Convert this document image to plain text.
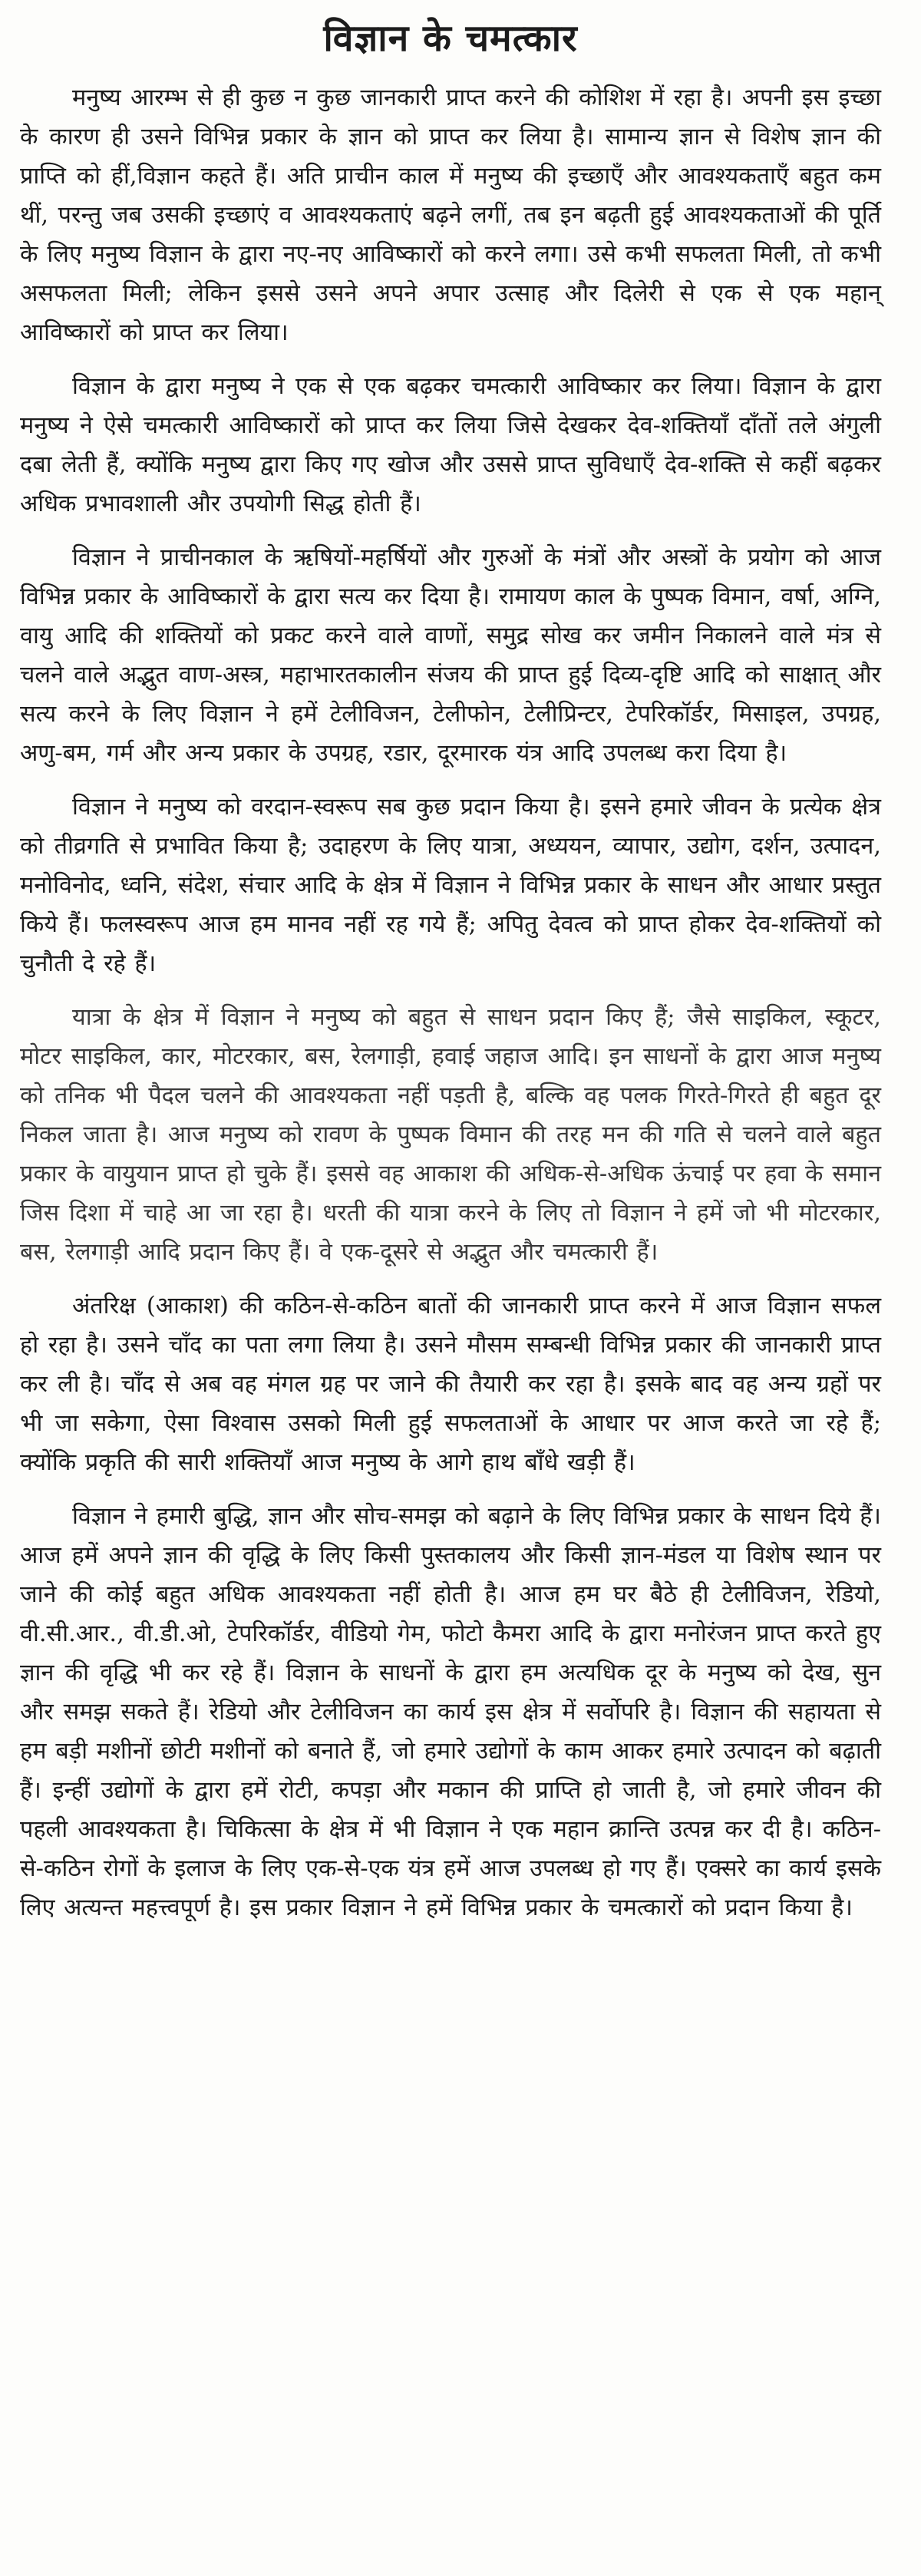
विज्ञान के चमत्कार

मनुष्य आरम्भ से ही कुछ न कुछ जानकारी प्राप्त करने की कोशिश में रहा है। अपनी इस इच्छा के कारण ही उसने विभिन्न प्रकार के ज्ञान को प्राप्त कर लिया है। सामान्य ज्ञान से विशेष ज्ञान की प्राप्ति को हीं,विज्ञान कहते हैं। अति प्राचीन काल में मनुष्य की इच्छाएँ और आवश्यकताएँ बहुत कम थीं, परन्तु जब उसकी इच्छाएं व आवश्यकताएं बढ़ने लगीं, तब इन बढ़ती हुई आवश्यकताओं की पूर्ति के लिए मनुष्य विज्ञान के द्वारा नए-नए आविष्कारों को करने लगा। उसे कभी सफलता मिली, तो कभी असफलता मिली; लेकिन इससे उसने अपने अपार उत्साह और दिलेरी से एक से एक महान् आविष्कारों को प्राप्त कर लिया।

विज्ञान के द्वारा मनुष्य ने एक से एक बढ़कर चमत्कारी आविष्कार कर लिया। विज्ञान के द्वारा मनुष्य ने ऐसे चमत्कारी आविष्कारों को प्राप्त कर लिया जिसे देखकर देव-शक्तियाँ दाँतों तले अंगुली दबा लेती हैं, क्योंकि मनुष्य द्वारा किए गए खोज और उससे प्राप्त सुविधाएँ देव-शक्ति से कहीं बढ़कर अधिक प्रभावशाली और उपयोगी सिद्ध होती हैं।

विज्ञान ने प्राचीनकाल के ऋषियों-महर्षियों और गुरुओं के मंत्रों और अस्त्रों के प्रयोग को आज विभिन्न प्रकार के आविष्कारों के द्वारा सत्य कर दिया है। रामायण काल के पुष्पक विमान, वर्षा, अग्नि, वायु आदि की शक्तियों को प्रकट करने वाले वाणों, समुद्र सोख कर जमीन निकालने वाले मंत्र से चलने वाले अद्भुत वाण-अस्त्र, महाभारतकालीन संजय की प्राप्त हुई दिव्य-दृष्टि आदि को साक्षात् और सत्य करने के लिए विज्ञान ने हमें टेलीविजन, टेलीफोन, टेलीप्रिन्टर, टेपरिकॉर्डर, मिसाइल, उपग्रह, अणु-बम, गर्म और अन्य प्रकार के उपग्रह, रडार, दूरमारक यंत्र आदि उपलब्ध करा दिया है।

विज्ञान ने मनुष्य को वरदान-स्वरूप सब कुछ प्रदान किया है। इसने हमारे जीवन के प्रत्येक क्षेत्र को तीव्रगति से प्रभावित किया है; उदाहरण के लिए यात्रा, अध्ययन, व्यापार, उद्योग, दर्शन, उत्पादन, मनोविनोद, ध्वनि, संदेश, संचार आदि के क्षेत्र में विज्ञान ने विभिन्न प्रकार के साधन और आधार प्रस्तुत किये हैं। फलस्वरूप आज हम मानव नहीं रह गये हैं; अपितु देवत्व को प्राप्त होकर देव-शक्तियों को चुनौती दे रहे हैं।

यात्रा के क्षेत्र में विज्ञान ने मनुष्य को बहुत से साधन प्रदान किए हैं; जैसे साइकिल, स्कूटर, मोटर साइकिल, कार, मोटरकार, बस, रेलगाड़ी, हवाई जहाज आदि। इन साधनों के द्वारा आज मनुष्य को तनिक भी पैदल चलने की आवश्यकता नहीं पड़ती है, बल्कि वह पलक गिरते-गिरते ही बहुत दूर निकल जाता है। आज मनुष्य को रावण के पुष्पक विमान की तरह मन की गति से चलने वाले बहुत प्रकार के वायुयान प्राप्त हो चुके हैं। इससे वह आकाश की अधिक-से-अधिक ऊंचाई पर हवा के समान जिस दिशा में चाहे आ जा रहा है। धरती की यात्रा करने के लिए तो विज्ञान ने हमें जो भी मोटरकार, बस, रेलगाड़ी आदि प्रदान किए हैं। वे एक-दूसरे से अद्भुत और चमत्कारी हैं।

अंतरिक्ष (आकाश) की कठिन-से-कठिन बातों की जानकारी प्राप्त करने में आज विज्ञान सफल हो रहा है। उसने चाँद का पता लगा लिया है। उसने मौसम सम्बन्धी विभिन्न प्रकार की जानकारी प्राप्त कर ली है। चाँद से अब वह मंगल ग्रह पर जाने की तैयारी कर रहा है। इसके बाद वह अन्य ग्रहों पर भी जा सकेगा, ऐसा विश्वास उसको मिली हुई सफलताओं के आधार पर आज करते जा रहे हैं; क्योंकि प्रकृति की सारी शक्तियाँ आज मनुष्य के आगे हाथ बाँधे खड़ी हैं।

विज्ञान ने हमारी बुद्धि, ज्ञान और सोच-समझ को बढ़ाने के लिए विभिन्न प्रकार के साधन दिये हैं। आज हमें अपने ज्ञान की वृद्धि के लिए किसी पुस्तकालय और किसी ज्ञान-मंडल या विशेष स्थान पर जाने की कोई बहुत अधिक आवश्यकता नहीं होती है। आज हम घर बैठे ही टेलीविजन, रेडियो, वी.सी.आर., वी.डी.ओ, टेपरिकॉर्डर, वीडियो गेम, फोटो कैमरा आदि के द्वारा मनोरंजन प्राप्त करते हुए ज्ञान की वृद्धि भी कर रहे हैं। विज्ञान के साधनों के द्वारा हम अत्यधिक दूर के मनुष्य को देख, सुन और समझ सकते हैं। रेडियो और टेलीविजन का कार्य इस क्षेत्र में सर्वोपरि है। विज्ञान की सहायता से हम बड़ी मशीनों छोटी मशीनों को बनाते हैं, जो हमारे उद्योगों के काम आकर हमारे उत्पादन को बढ़ाती हैं। इन्हीं उद्योगों के द्वारा हमें रोटी, कपड़ा और मकान की प्राप्ति हो जाती है, जो हमारे जीवन की पहली आवश्यकता है। चिकित्सा के क्षेत्र में भी विज्ञान ने एक महान क्रान्ति उत्पन्न कर दी है। कठिन-से-कठिन रोगों के इलाज के लिए एक-से-एक यंत्र हमें आज उपलब्ध हो गए हैं। एक्सरे का कार्य इसके लिए अत्यन्त महत्त्वपूर्ण है। इस प्रकार विज्ञान ने हमें विभिन्न प्रकार के चमत्कारों को प्रदान किया है।
